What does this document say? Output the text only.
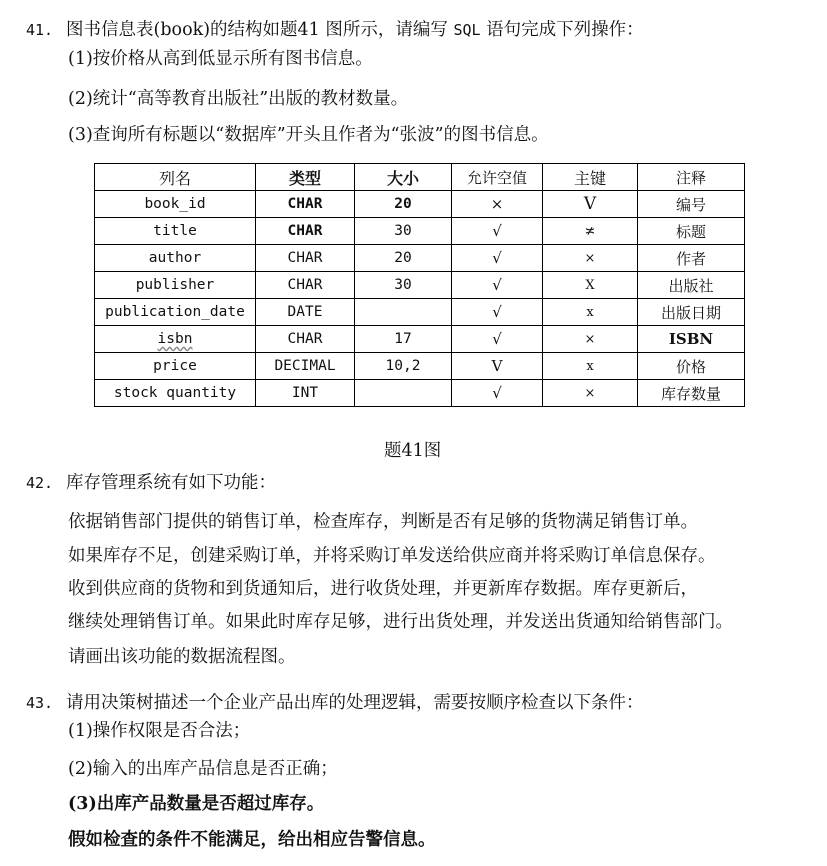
41. 图书信息表(book)的结构如题41 图所示，请编写 SQL 语句完成下列操作：
(1)按价格从高到低显示所有图书信息。
(2)统计“高等教育出版社”出版的教材数量。
(3)查询所有标题以“数据库”开头且作者为“张波”的图书信息。
列名	类型	大小	允许空值	主键	注释
book_id	CHAR	20	×	V	编号
title	CHAR	30	√	≭	标题
author	CHAR	20	√	×	作者
publisher	CHAR	30	√	X	出版社
publication_date	DATE		√	x	出版日期
isbn	CHAR	17	√	×	ISBN
price	DECIMAL	10,2	V	x	价格
stock quantity	INT		√	×	库存数量
题41图
42. 库存管理系统有如下功能：
依据销售部门提供的销售订单，检查库存，判断是否有足够的货物满足销售订单。
如果库存不足，创建采购订单，并将采购订单发送给供应商并将采购订单信息保存。
收到供应商的货物和到货通知后，进行收货处理，并更新库存数据。库存更新后，
继续处理销售订单。如果此时库存足够，进行出货处理，并发送出货通知给销售部门。
请画出该功能的数据流程图。
43. 请用决策树描述一个企业产品出库的处理逻辑，需要按顺序检查以下条件：
(1)操作权限是否合法；
(2)输入的出库产品信息是否正确；
(3)出库产品数量是否超过库存。
假如检查的条件不能满足，给出相应告警信息。
